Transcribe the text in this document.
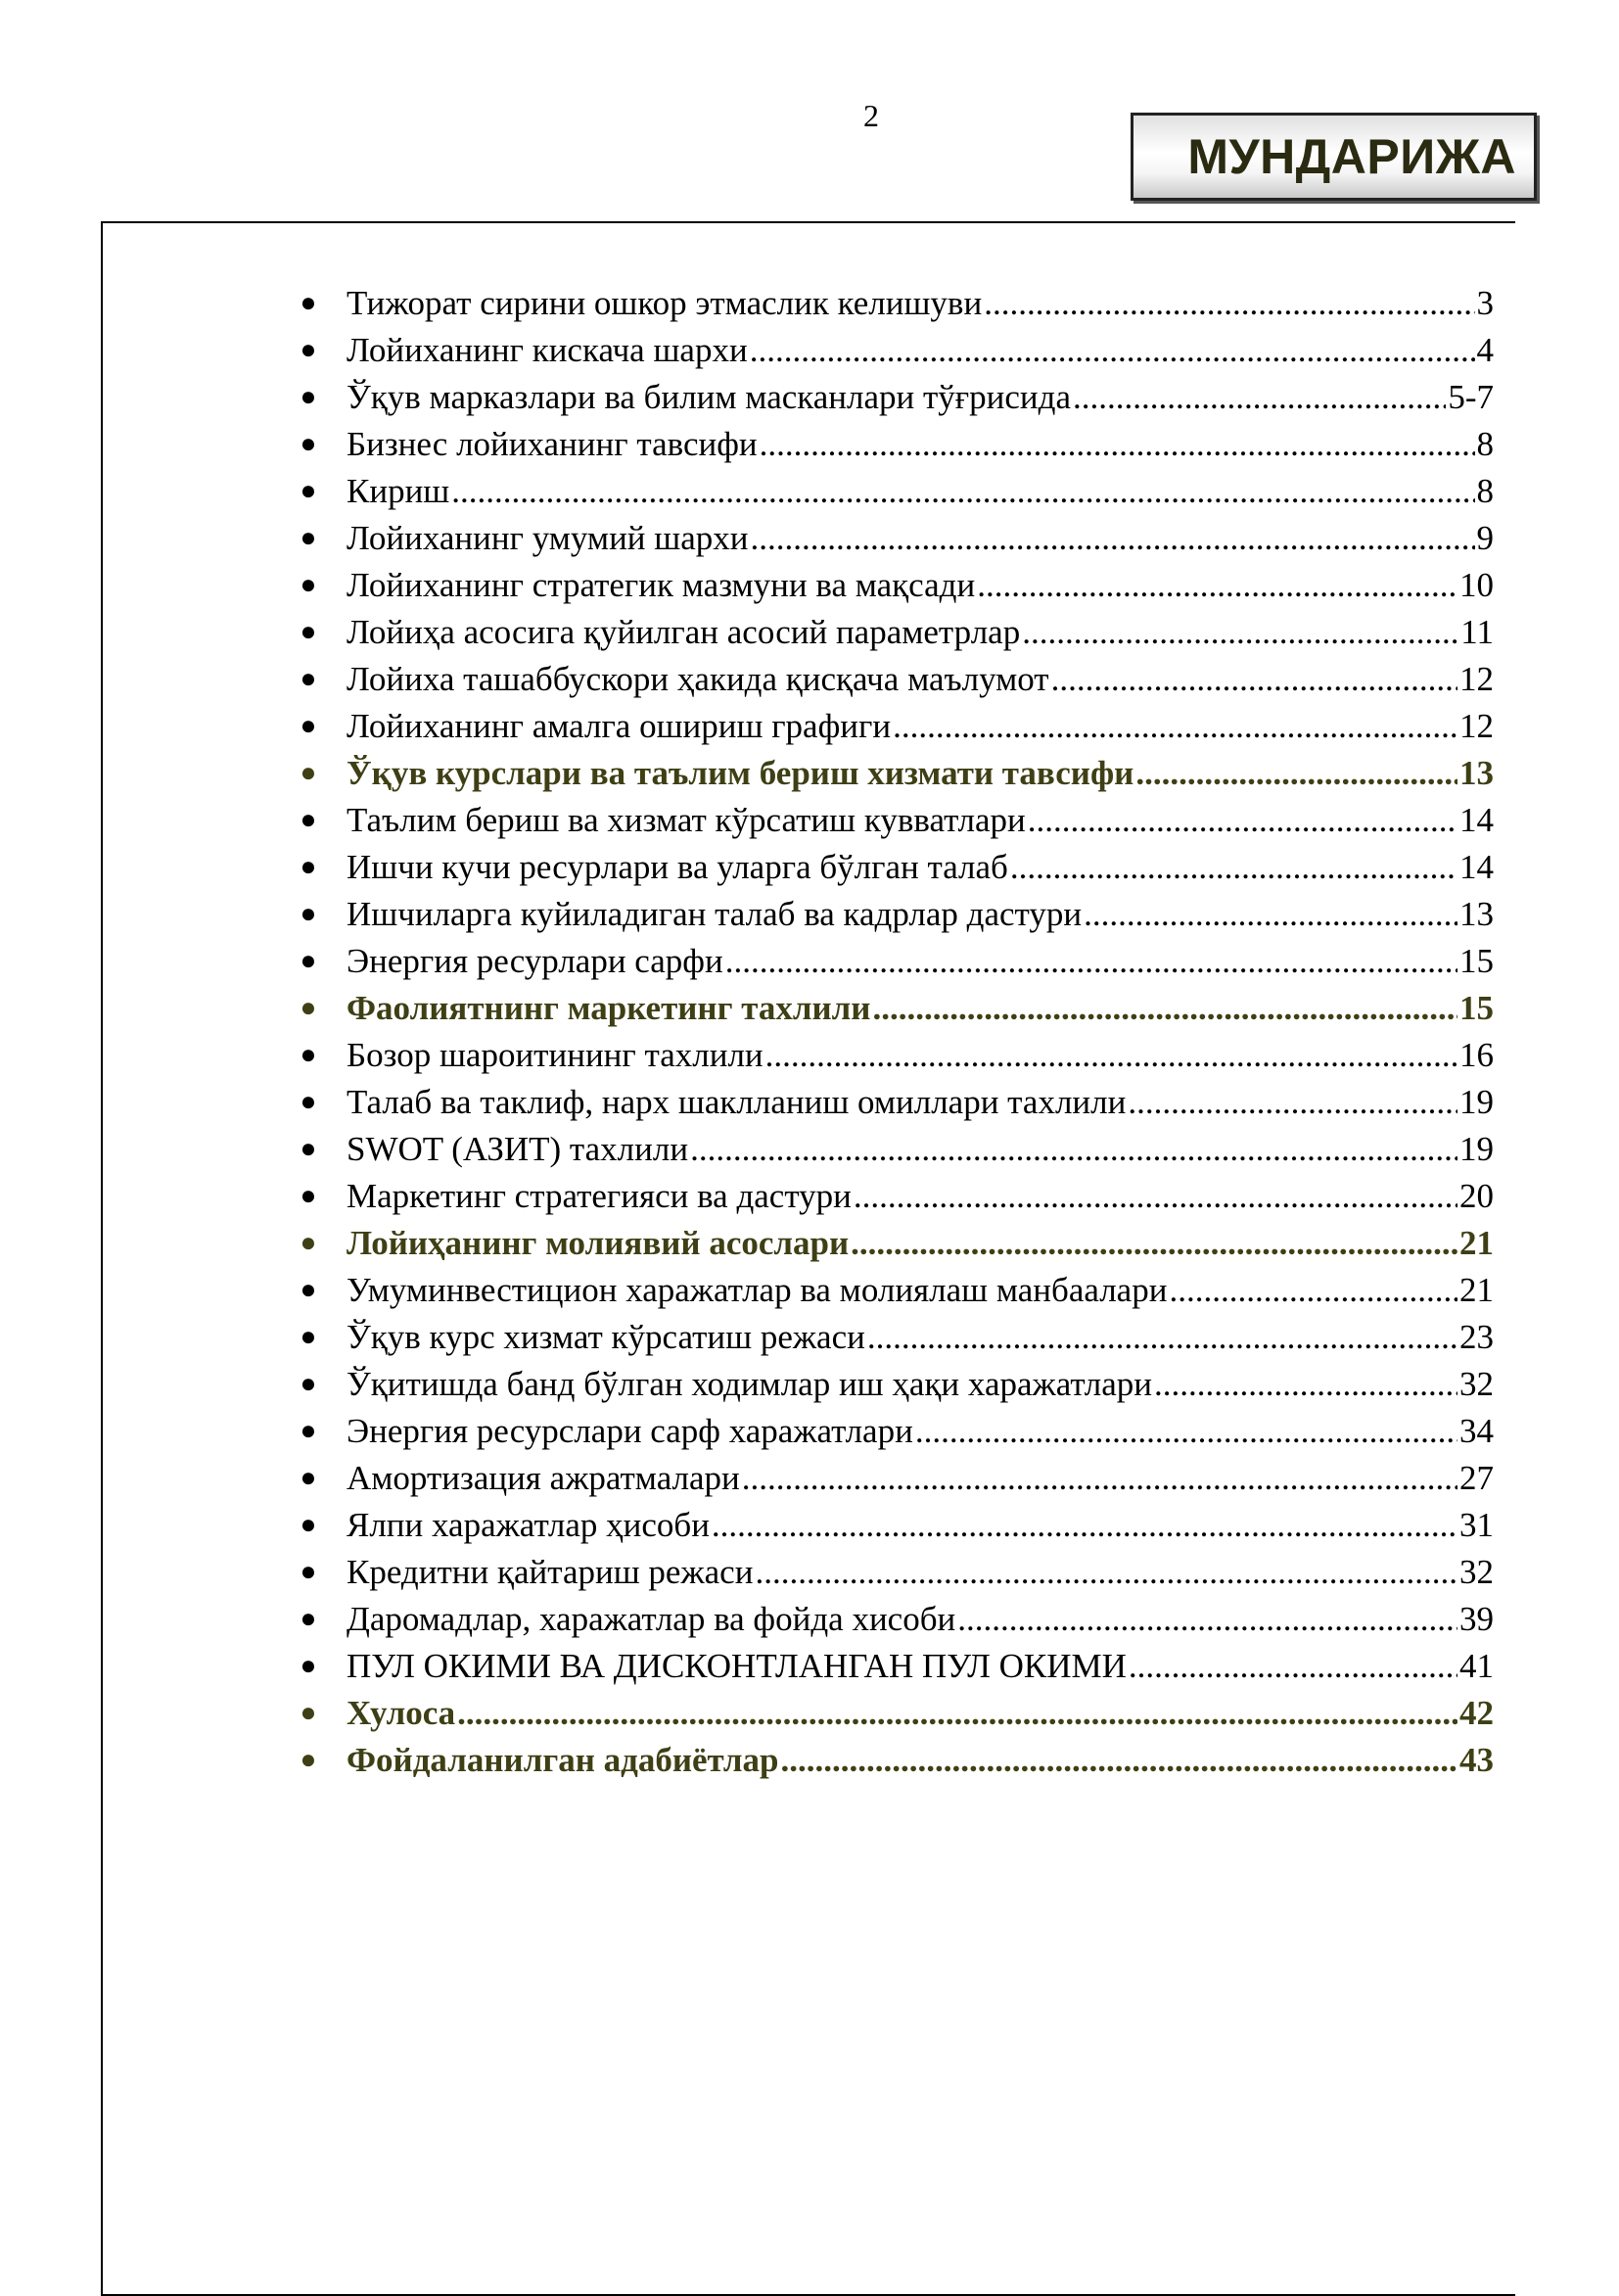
2
МУНДАРИЖА
● Тижорат сирини ошкор этмаслик келишуви .....	3
● Лойиханинг кискача шархи .....	4
● Ўқув марказлари ва билим масканлари тўғрисида .....	5-7
● Бизнес лойиханинг тавсифи .....	8
● Кириш .....	8
● Лойиханинг умумий шархи .....	9
● Лойиханинг стратегик мазмуни ва мақсади .....	10
● Лойиҳа асосига қуйилган асосий параметрлар .....	11
● Лойиха ташаббускори ҳакида қисқача маълумот .....	12
● Лойиханинг амалга ошириш графиги .....	12
● Ўқув курслари ва таълим бериш хизмати тавсифи .....	13
● Таълим бериш ва хизмат кўрсатиш кувватлари .....	14
● Ишчи кучи ресурлари ва уларга бўлган талаб .....	14
● Ишчиларга куйиладиган талаб ва кадрлар дастури .....	13
● Энергия ресурлари сарфи .....	15
● Фаолиятнинг маркетинг тахлили .....	15
● Бозор шароитининг тахлили .....	16
● Талаб ва таклиф, нарх шаклланиш омиллари тахлили .....	19
● SWOT (АЗИТ) тахлили .....	19
● Маркетинг стратегияси ва дастури .....	20
● Лойиҳанинг молиявий асослари .....	21
● Умуминвестицион харажатлар ва молиялаш манбаалари .....	21
● Ўқув курс хизмат кўрсатиш режаси .....	23
● Ўқитишда банд бўлган ходимлар иш ҳақи харажатлари .....	32
● Энергия ресурслари сарф харажатлари .....	34
● Амортизация ажратмалари .....	27
● Ялпи харажатлар ҳисоби .....	31
● Кредитни қайтариш режаси .....	32
● Даромадлар, харажатлар ва фойда хисоби .....	39
● ПУЛ ОКИМИ ВА ДИСКОНТЛАНГАН ПУЛ ОКИМИ .....	41
● Хулоса .....	42
● Фойдаланилган адабиётлар .....	43
